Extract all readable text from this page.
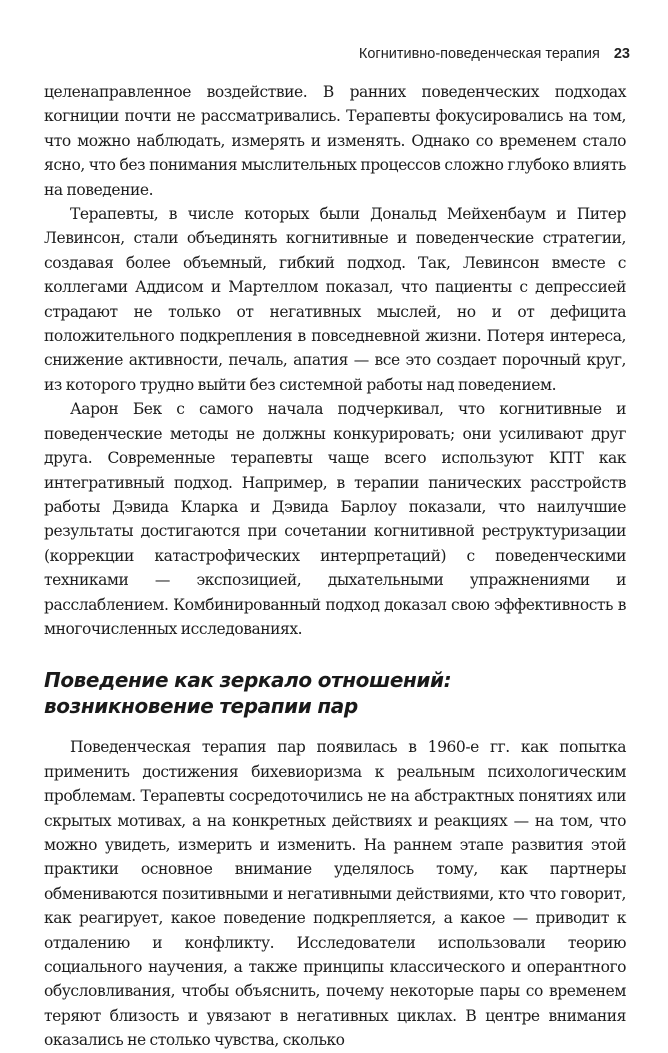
Когнитивно-поведенческая терапия 23

целенаправленное воздействие. В ранних поведенческих подходах когниции почти не рассматривались. Терапевты фокусировались на том, что можно наблюдать, измерять и изменять. Однако со временем стало ясно, что без понимания мыслительных процессов сложно глубоко влиять на поведение.

Терапевты, в числе которых были Дональд Мейхенбаум и Питер Левинсон, стали объединять когнитивные и поведенческие стратегии, создавая более объемный, гибкий подход. Так, Левинсон вместе с коллегами Аддисом и Мартеллом показал, что пациенты с депрессией страдают не только от негативных мыслей, но и от дефицита положительного подкрепления в повседневной жизни. Потеря интереса, снижение активности, печаль, апатия — все это создает порочный круг, из которого трудно выйти без системной работы над поведением.

Аарон Бек с самого начала подчеркивал, что когнитивные и поведенческие методы не должны конкурировать; они усиливают друг друга. Современные терапевты чаще всего используют КПТ как интегративный подход. Например, в терапии панических расстройств работы Дэвида Кларка и Дэвида Барлоу показали, что наилучшие результаты достигаются при сочетании когнитивной реструктуризации (коррекции катастрофических интерпретаций) с поведенческими техниками — экспозицией, дыхательными упражнениями и расслаблением. Комбинированный подход доказал свою эффективность в многочисленных исследованиях.

Поведение как зеркало отношений: возникновение терапии пар

Поведенческая терапия пар появилась в 1960-е гг. как попытка применить достижения бихевиоризма к реальным психологическим проблемам. Терапевты сосредоточились не на абстрактных понятиях или скрытых мотивах, а на конкретных действиях и реакциях — на том, что можно увидеть, измерить и изменить. На раннем этапе развития этой практики основное внимание уделялось тому, как партнеры обмениваются позитивными и негативными действиями, кто что говорит, как реагирует, какое поведение подкрепляется, а какое — приводит к отдалению и конфликту. Исследователи использовали теорию социального научения, а также принципы классического и оперантного обусловливания, чтобы объяснить, почему некоторые пары со временем теряют близость и увязают в негативных циклах. В центре внимания оказались не столько чувства, сколько
